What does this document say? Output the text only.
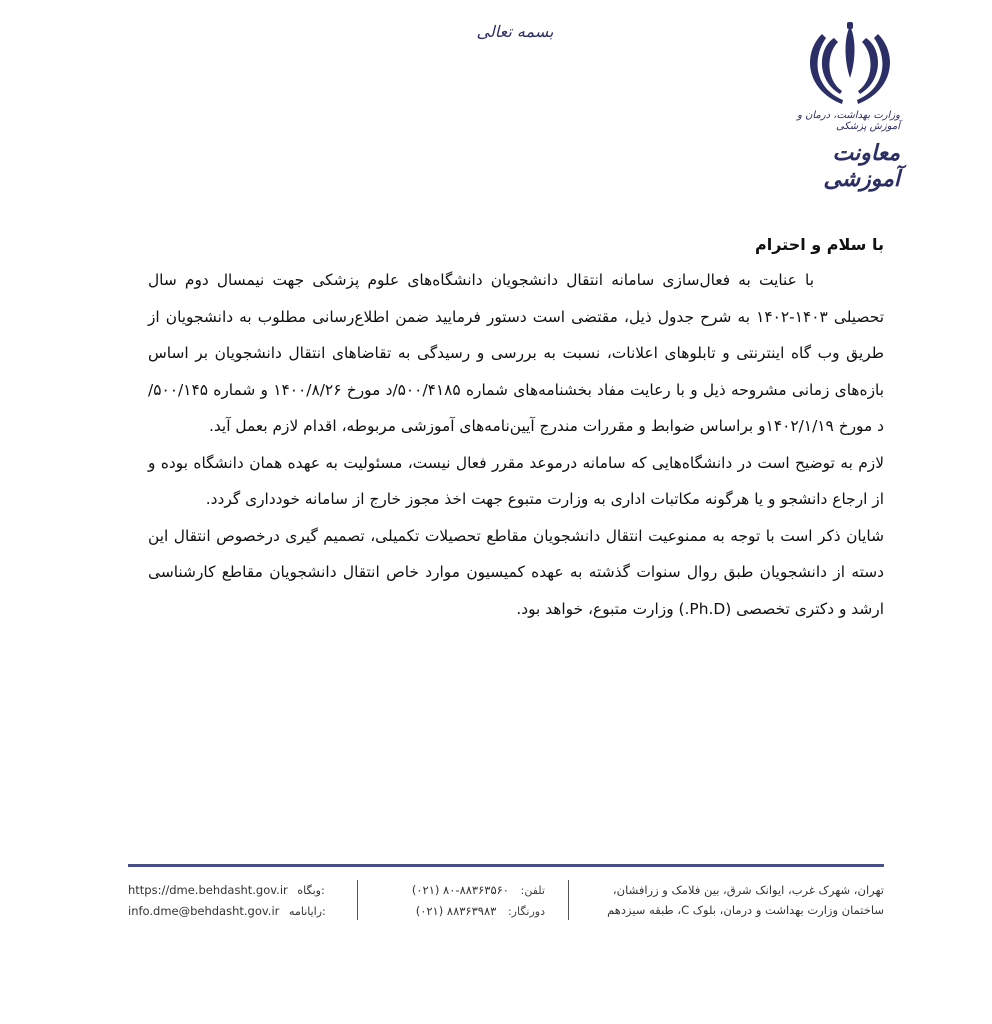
بسمه تعالی
وزارت بهداشت، درمان و آموزش پزشکی
معاونت آموزشی
با سلام و احترام

با عنایت به فعال‌سازی سامانه انتقال دانشجویان دانشگاه‌های علوم پزشکی جهت نیمسال دوم سال تحصیلی ۱۴۰۳-۱۴۰۲ به شرح جدول ذیل، مقتضی است دستور فرمایید ضمن اطلاع‌رسانی مطلوب به دانشجویان از طریق وب گاه اینترنتی و تابلوهای اعلانات، نسبت به بررسی و رسیدگی به تقاضاهای انتقال دانشجویان بر اساس بازه‌های زمانی مشروحه ذیل و با رعایت مفاد بخشنامه‌های شماره ۵۰۰/۴۱۸۵/د مورخ ۱۴۰۰/۸/۲۶ و شماره ۵۰۰/۱۴۵/د مورخ ۱۴۰۲/۱/۱۹و براساس ضوابط و مقررات مندرج آیین‌نامه‌های آموزشی مربوطه، اقدام لازم بعمل آید.

لازم به توضیح است در دانشگاه‌هایی که سامانه درموعد مقرر فعال نیست، مسئولیت به عهده همان دانشگاه بوده و از ارجاع دانشجو و یا هرگونه مکاتبات اداری به وزارت متبوع جهت اخذ مجوز خارج از سامانه خودداری گردد.

شایان ذکر است با توجه به ممنوعیت انتقال دانشجویان مقاطع تحصیلات تکمیلی، تصمیم گیری درخصوص انتقال این دسته از دانشجویان طبق روال سنوات گذشته به عهده کمیسیون موارد خاص انتقال دانشجویان مقاطع کارشناسی ارشد و دکتری تخصصی (Ph.D.) وزارت متبوع، خواهد بود.

تهران، شهرک غرب، ایوانک شرق، بین فلامک و زرافشان،
ساختمان وزارت بهداشت و درمان، بلوک C، طبقه سیزدهم
تلفن: ۸۸۳۶۳۵۶۰-۸۰ (۰۲۱)
دورنگار: ۸۸۳۶۳۹۸۳ (۰۲۱)
https://dme.behdasht.gov.ir وبگاه:
info.dme@behdasht.gov.ir رایانامه:
